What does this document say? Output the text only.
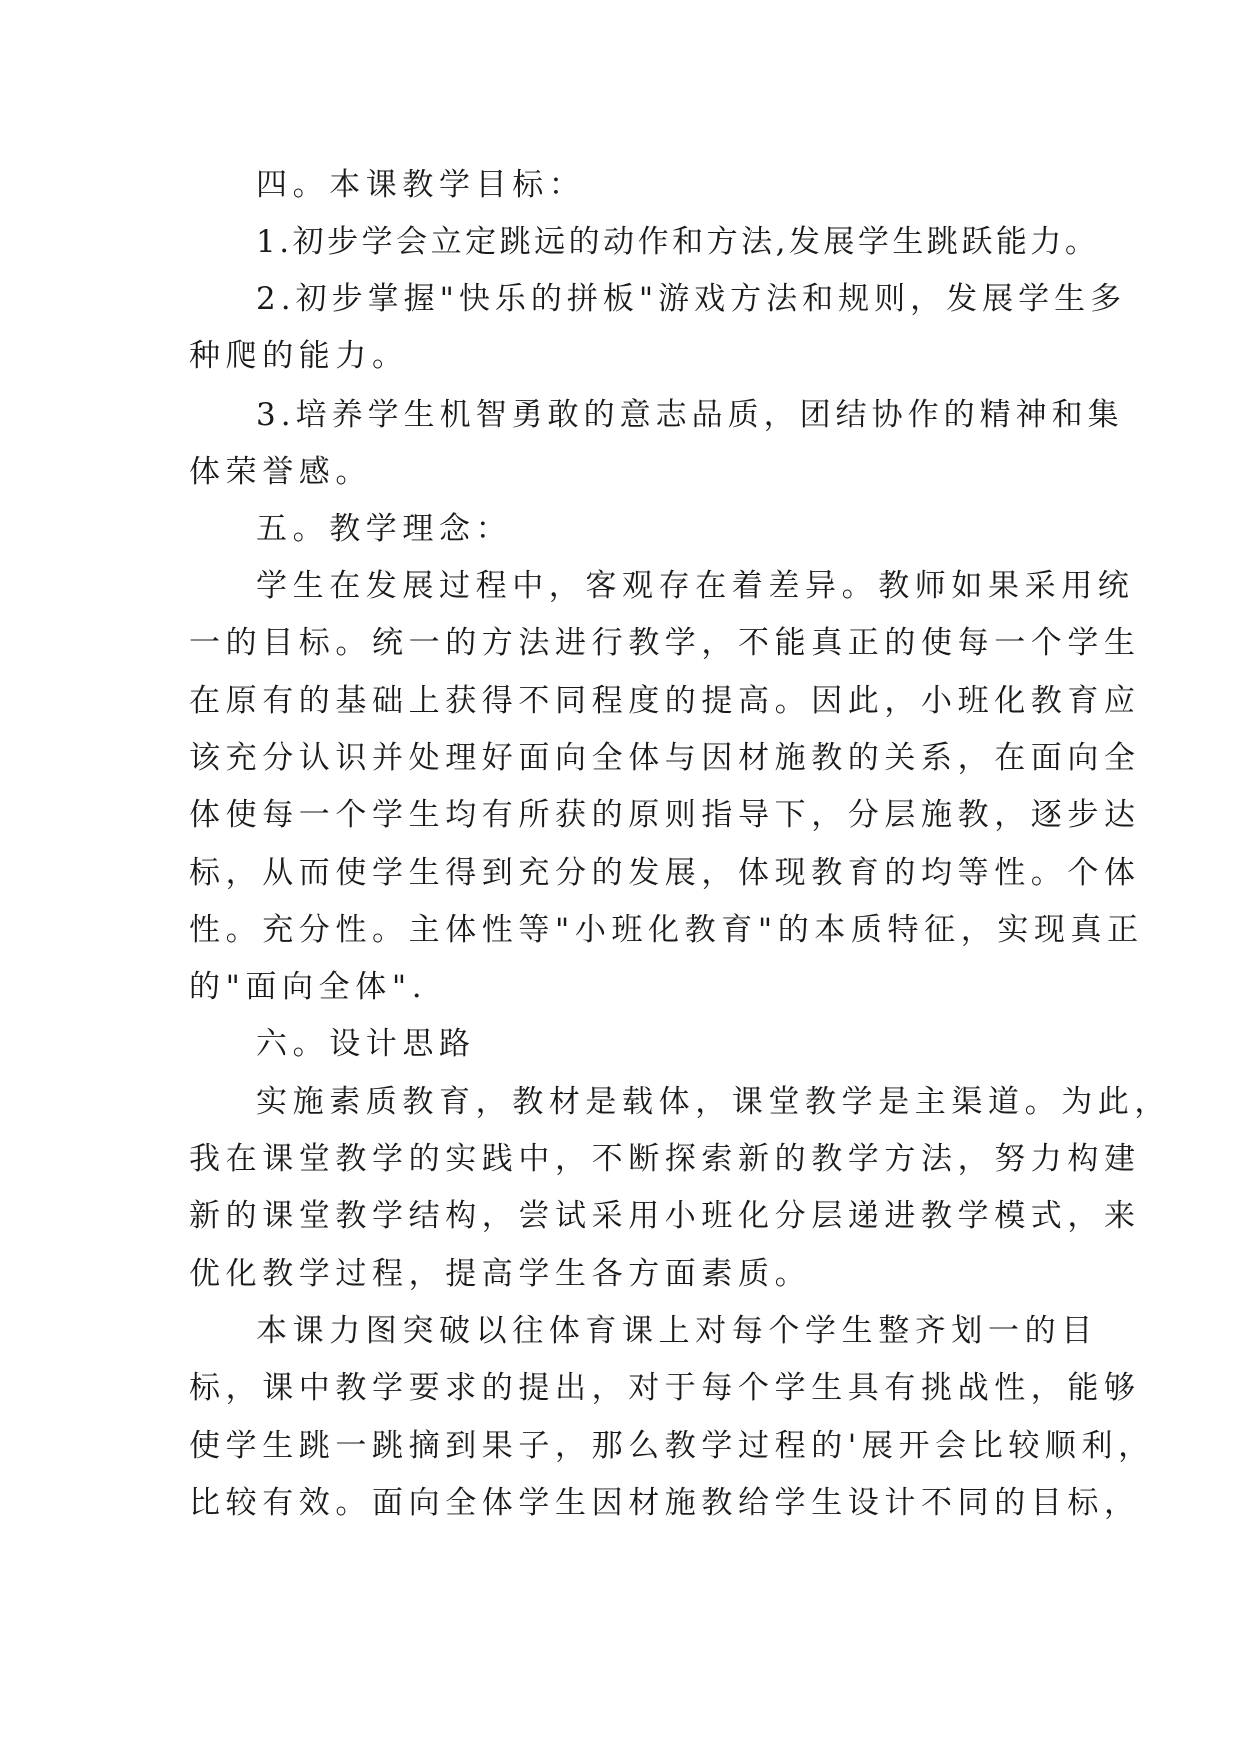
四。本课教学目标：
1.初步学会立定跳远的动作和方法,发展学生跳跃能力。
2.初步掌握"快乐的拼板"游戏方法和规则，发展学生多
种爬的能力。
3.培养学生机智勇敢的意志品质，团结协作的精神和集
体荣誉感。
五。教学理念：
学生在发展过程中，客观存在着差异。教师如果采用统
一的目标。统一的方法进行教学，不能真正的使每一个学生
在原有的基础上获得不同程度的提高。因此，小班化教育应
该充分认识并处理好面向全体与因材施教的关系，在面向全
体使每一个学生均有所获的原则指导下，分层施教，逐步达
标，从而使学生得到充分的发展，体现教育的均等性。个体
性。充分性。主体性等"小班化教育"的本质特征，实现真正
的"面向全体".
六。设计思路
实施素质教育，教材是载体，课堂教学是主渠道。为此，
我在课堂教学的实践中，不断探索新的教学方法，努力构建
新的课堂教学结构，尝试采用小班化分层递进教学模式，来
优化教学过程，提高学生各方面素质。
本课力图突破以往体育课上对每个学生整齐划一的目
标，课中教学要求的提出，对于每个学生具有挑战性，能够
使学生跳一跳摘到果子，那么教学过程的'展开会比较顺利，
比较有效。面向全体学生因材施教给学生设计不同的目标，
